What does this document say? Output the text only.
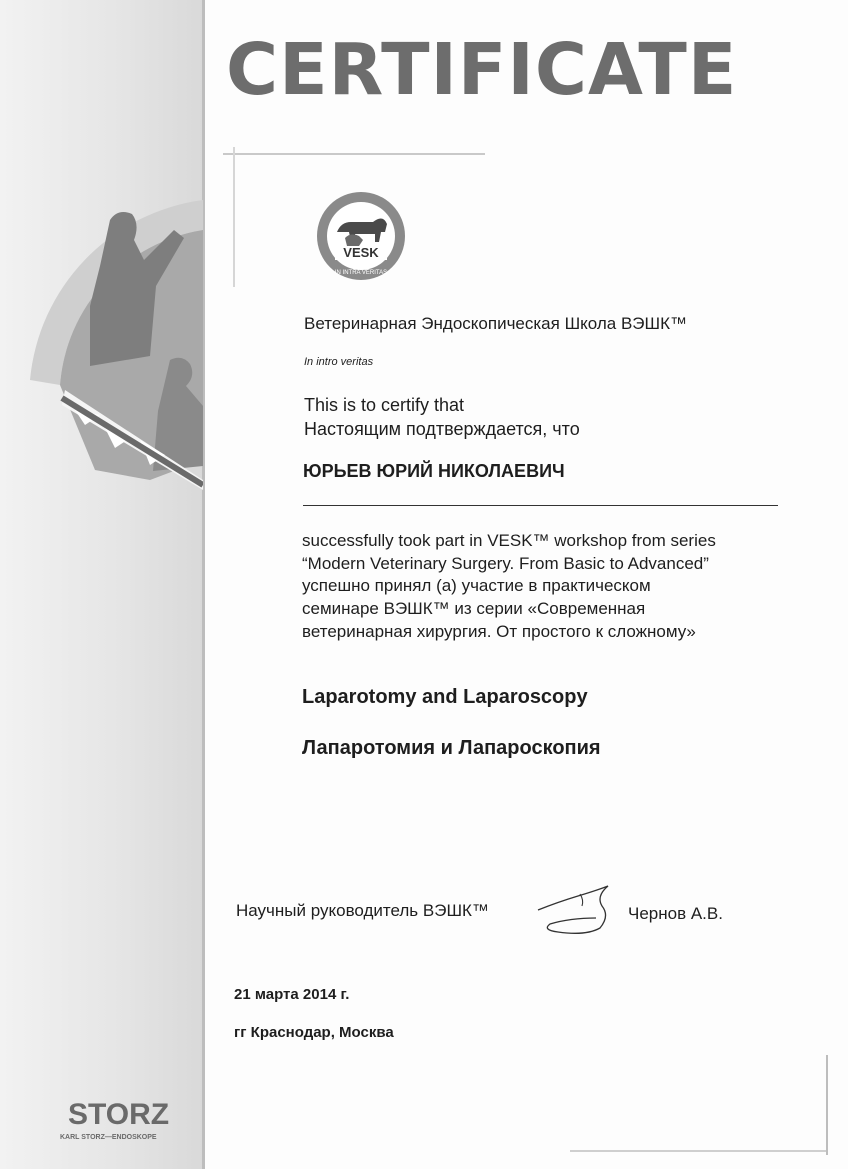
CERTIFICATE
VESK
IN INTRA VERITAS
Ветеринарная Эндоскопическая Школа ВЭШК™
In intro veritas
This is to certify that
Настоящим подтверждается, что
ЮРЬЕВ ЮРИЙ НИКОЛАЕВИЧ
successfully took part in VESK™ workshop from series
“Modern Veterinary Surgery. From Basic to Advanced”
успешно принял (а) участие в практическом
семинаре ВЭШК™ из серии «Современная
ветеринарная хирургия. От простого к сложному»
Laparotomy and Laparoscopy
Лапаротомия и Лапароскопия
Научный руководитель ВЭШК™	Чернов А.В.
21 марта 2014 г.
гг Краснодар, Москва
STORZ
KARL STORZ—ENDOSKOPE
